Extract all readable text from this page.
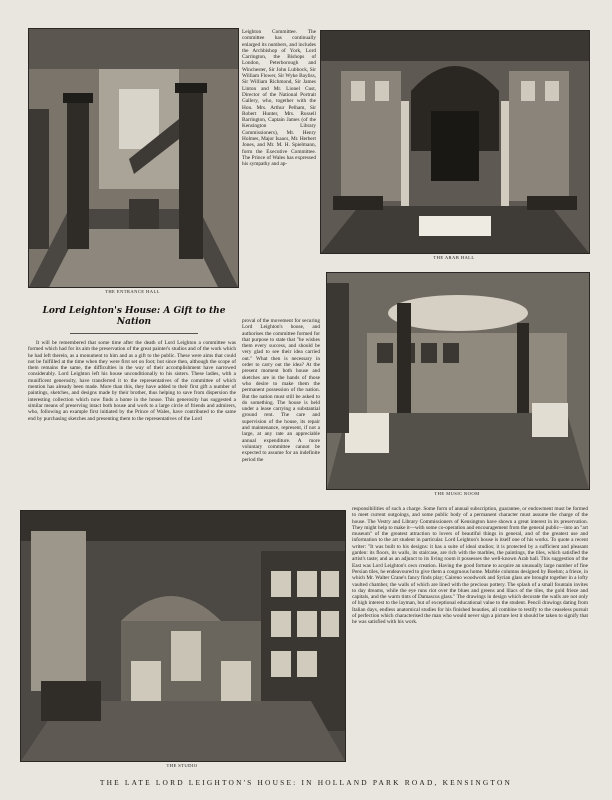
THE ENTRANCE HALL
THE ARAB HALL

Leighton Committee. The committee has continually enlarged its numbers, and includes the Archbishop of York, Lord Carrington, the Bishops of London, Peterborough and Winchester, Sir John Lubbock, Sir William Flower, Sir Wyke Bayliss, Sir William Richmond, Sir James Linton and Mr. Lionel Cust, Director of the National Portrait Gallery, who, together with the Hon. Mrs. Arthur Pelham, Sir Robert Hunter, Mrs. Russell Barrington, Captain James (of the Kensington Library Commissioners), Mr. Henry Holmes, Major Isaacs, Mr. Herbert Jones, and Mr. M. H. Spielmann, form the Executive Committee. The Prince of Wales has expressed his sympathy and ap-

Lord Leighton's House: A Gift to the Nation

It will be remembered that some time after the death of Lord Leighton a committee was formed which had for its aim the preservation of the great painter's studios and of the work which he had left therein, as a monument to him and as a gift to the public. These were aims that could not be fulfilled at the time when they were first set on foot; but since then, although the scope of them remains the same, the difficulties in the way of their accomplishment have narrowed considerably. Lord Leighton left his house unconditionally to his sisters. These ladies, with a munificent generosity, have transferred it to the representatives of the committee of which mention has already been made. More than this, they have added to their first gift a number of paintings, sketches, and designs made by their brother, thus helping to save from dispersion the interesting collection which now finds a home in the house. This generosity has suggested a similar means of preserving intact both house and work to a large circle of friends and admirers, who, following an example first initiated by the Prince of Wales, have contributed to the same end by purchasing sketches and presenting them to the representatives of the Lord

proval of the movement for securing Lord Leighton's house, and authorises the committee formed for that purpose to state that "he wishes them every success, and should be very glad to see their idea carried out." What then is necessary in order to carry out the idea? At the present moment both house and sketches are in the hands of those who desire to make them the permanent possession of the nation. But the nation must still be asked to do something. The house is held under a lease carrying a substantial ground rent. The care and supervision of the house, its repair and maintenance, represent, if not a large, at any rate an appreciable annual expenditure. A more voluntary committee cannot be expected to assume for an indefinite period the

THE MUSIC ROOM
THE STUDIO

responsibilities of such a charge. Some form of annual subscription, guarantee, or endowment must be formed to meet current outgoings, and some public body of a permanent character must assume the charge of the house. The Vestry and Library Commissioners of Kensington have shown a great interest in its preservation. They might help to make it—with some co-operation and encouragement from the general public—into an "art museum" of the greatest attraction to lovers of beautiful things in general, and of the greatest use and information to the art student in particular. Lord Leighton's house is itself one of his works. To quote a recent writer: "It was built to his designs: it has a suite of ideal studios; it is protected by a sufficient and pleasant garden: its floors, its walls, its staircase, are rich with the marbles, the paintings, the tiles, which satisfied the artist's taste; and as an adjunct to its living room it possesses the well-known Arab hall. This suggestion of the East was Lord Leighton's own creation. Having the good fortune to acquire an unusually large number of fine Persian tiles, he endeavoured to give them a congruous home. Marble columns designed by Boehm; a frieze, in which Mr. Walter Crane's fancy finds play; Caireno woodwork and Syrian glass are brought together in a lofty vaulted chamber, the walls of which are lined with the precious pottery. The splash of a small fountain invites to day dreams, while the eye runs riot over the blues and greens and lilacs of the tiles, the gold frieze and capitals, and the warm tints of Damascus glass." The drawings in design which decorate the walls are not only of high interest to the layman, but of exceptional educational value to the student. Pencil drawings dating from Italian days, endless anatomical studies for his finished beauties, all combine to testify to the ceaseless pursuit of perfection which characterised the man who would never sign a picture lest it should be taken to signify that he was satisfied with his work.

THE LATE LORD LEIGHTON'S HOUSE: IN HOLLAND PARK ROAD, KENSINGTON
